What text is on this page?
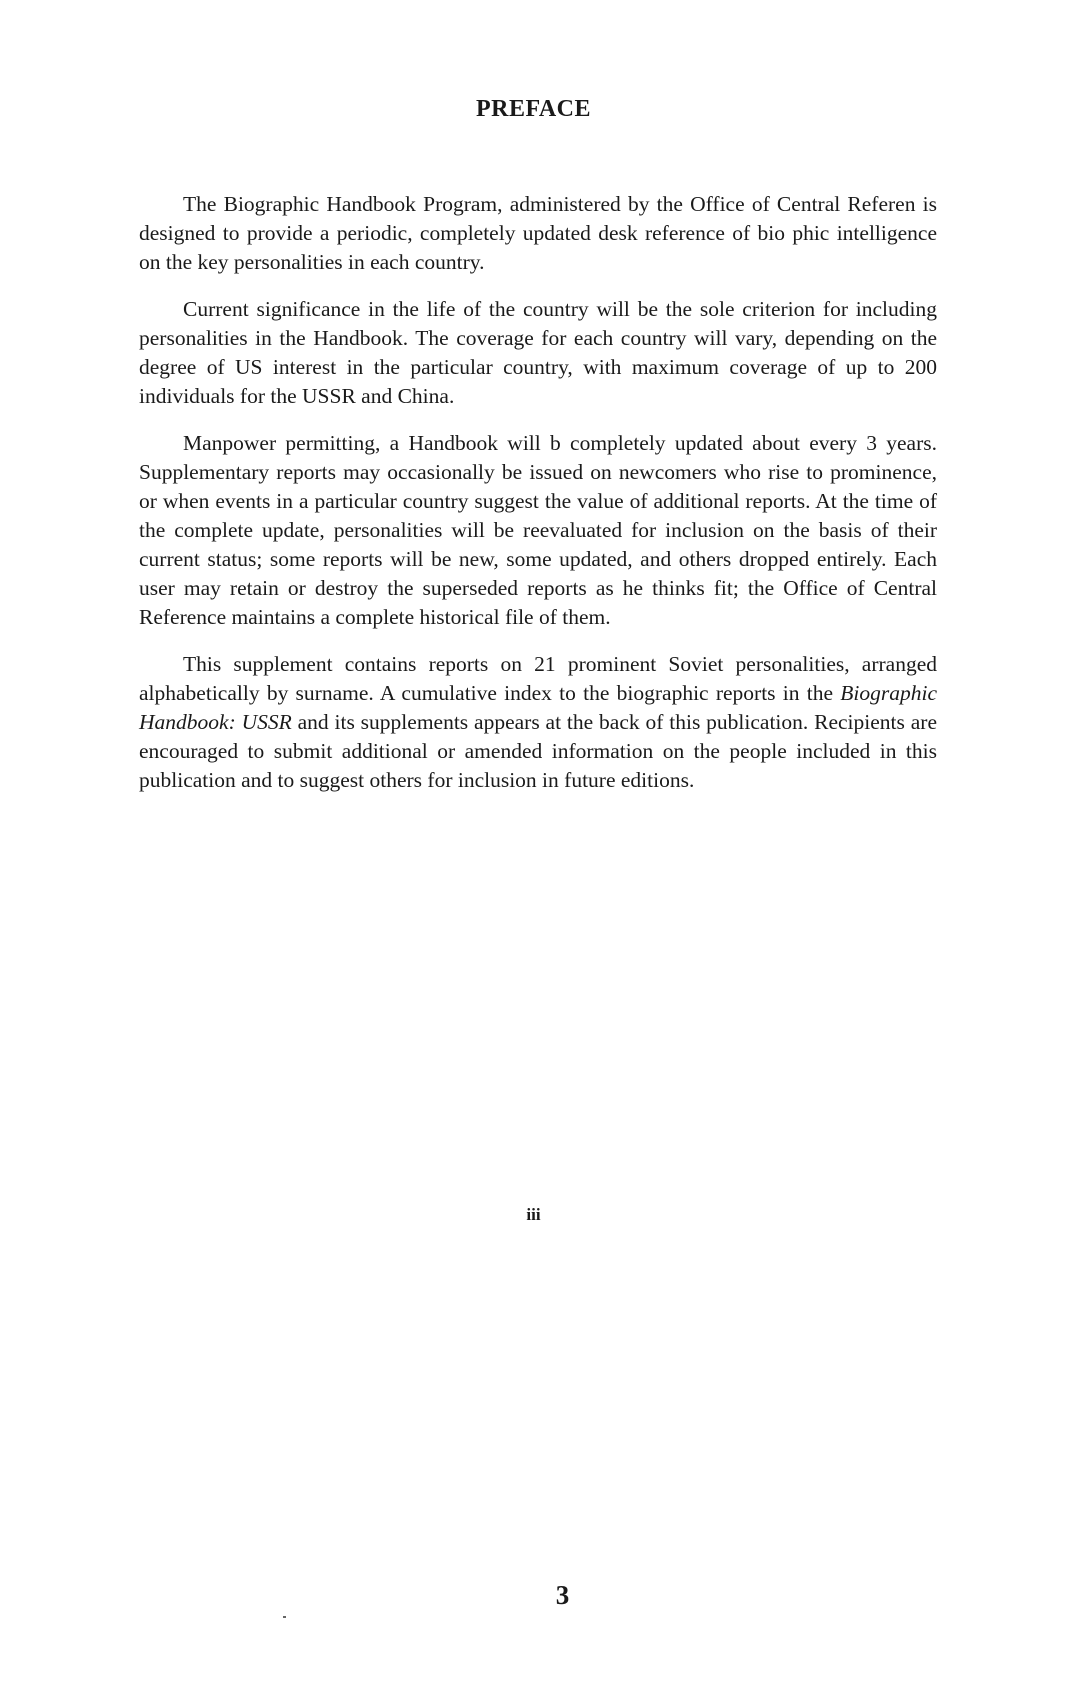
PREFACE

The Biographic Handbook Program, administered by the Office of Central Referen is designed to provide a periodic, completely updated desk reference of bio phic intelligence on the key personalities in each country.

Current significance in the life of the country will be the sole criterion for including personalities in the Handbook. The coverage for each country will vary, depending on the degree of US interest in the particular country, with maximum coverage of up to 200 individuals for the USSR and China.

Manpower permitting, a Handbook will b completely updated about every 3 years. Supplementary reports may occasionally be issued on newcomers who rise to prominence, or when events in a particular country suggest the value of additional reports. At the time of the complete update, personalities will be reevaluated for inclusion on the basis of their current status; some reports will be new, some updated, and others dropped entirely. Each user may retain or destroy the superseded reports as he thinks fit; the Office of Central Reference maintains a complete historical file of them.

This supplement contains reports on 21 prominent Soviet personalities, arranged alphabetically by surname. A cumulative index to the biographic reports in the Biographic Handbook: USSR and its supplements appears at the back of this publication. Recipients are encouraged to submit additional or amended information on the people included in this publication and to suggest others for inclusion in future editions.

iii
3
